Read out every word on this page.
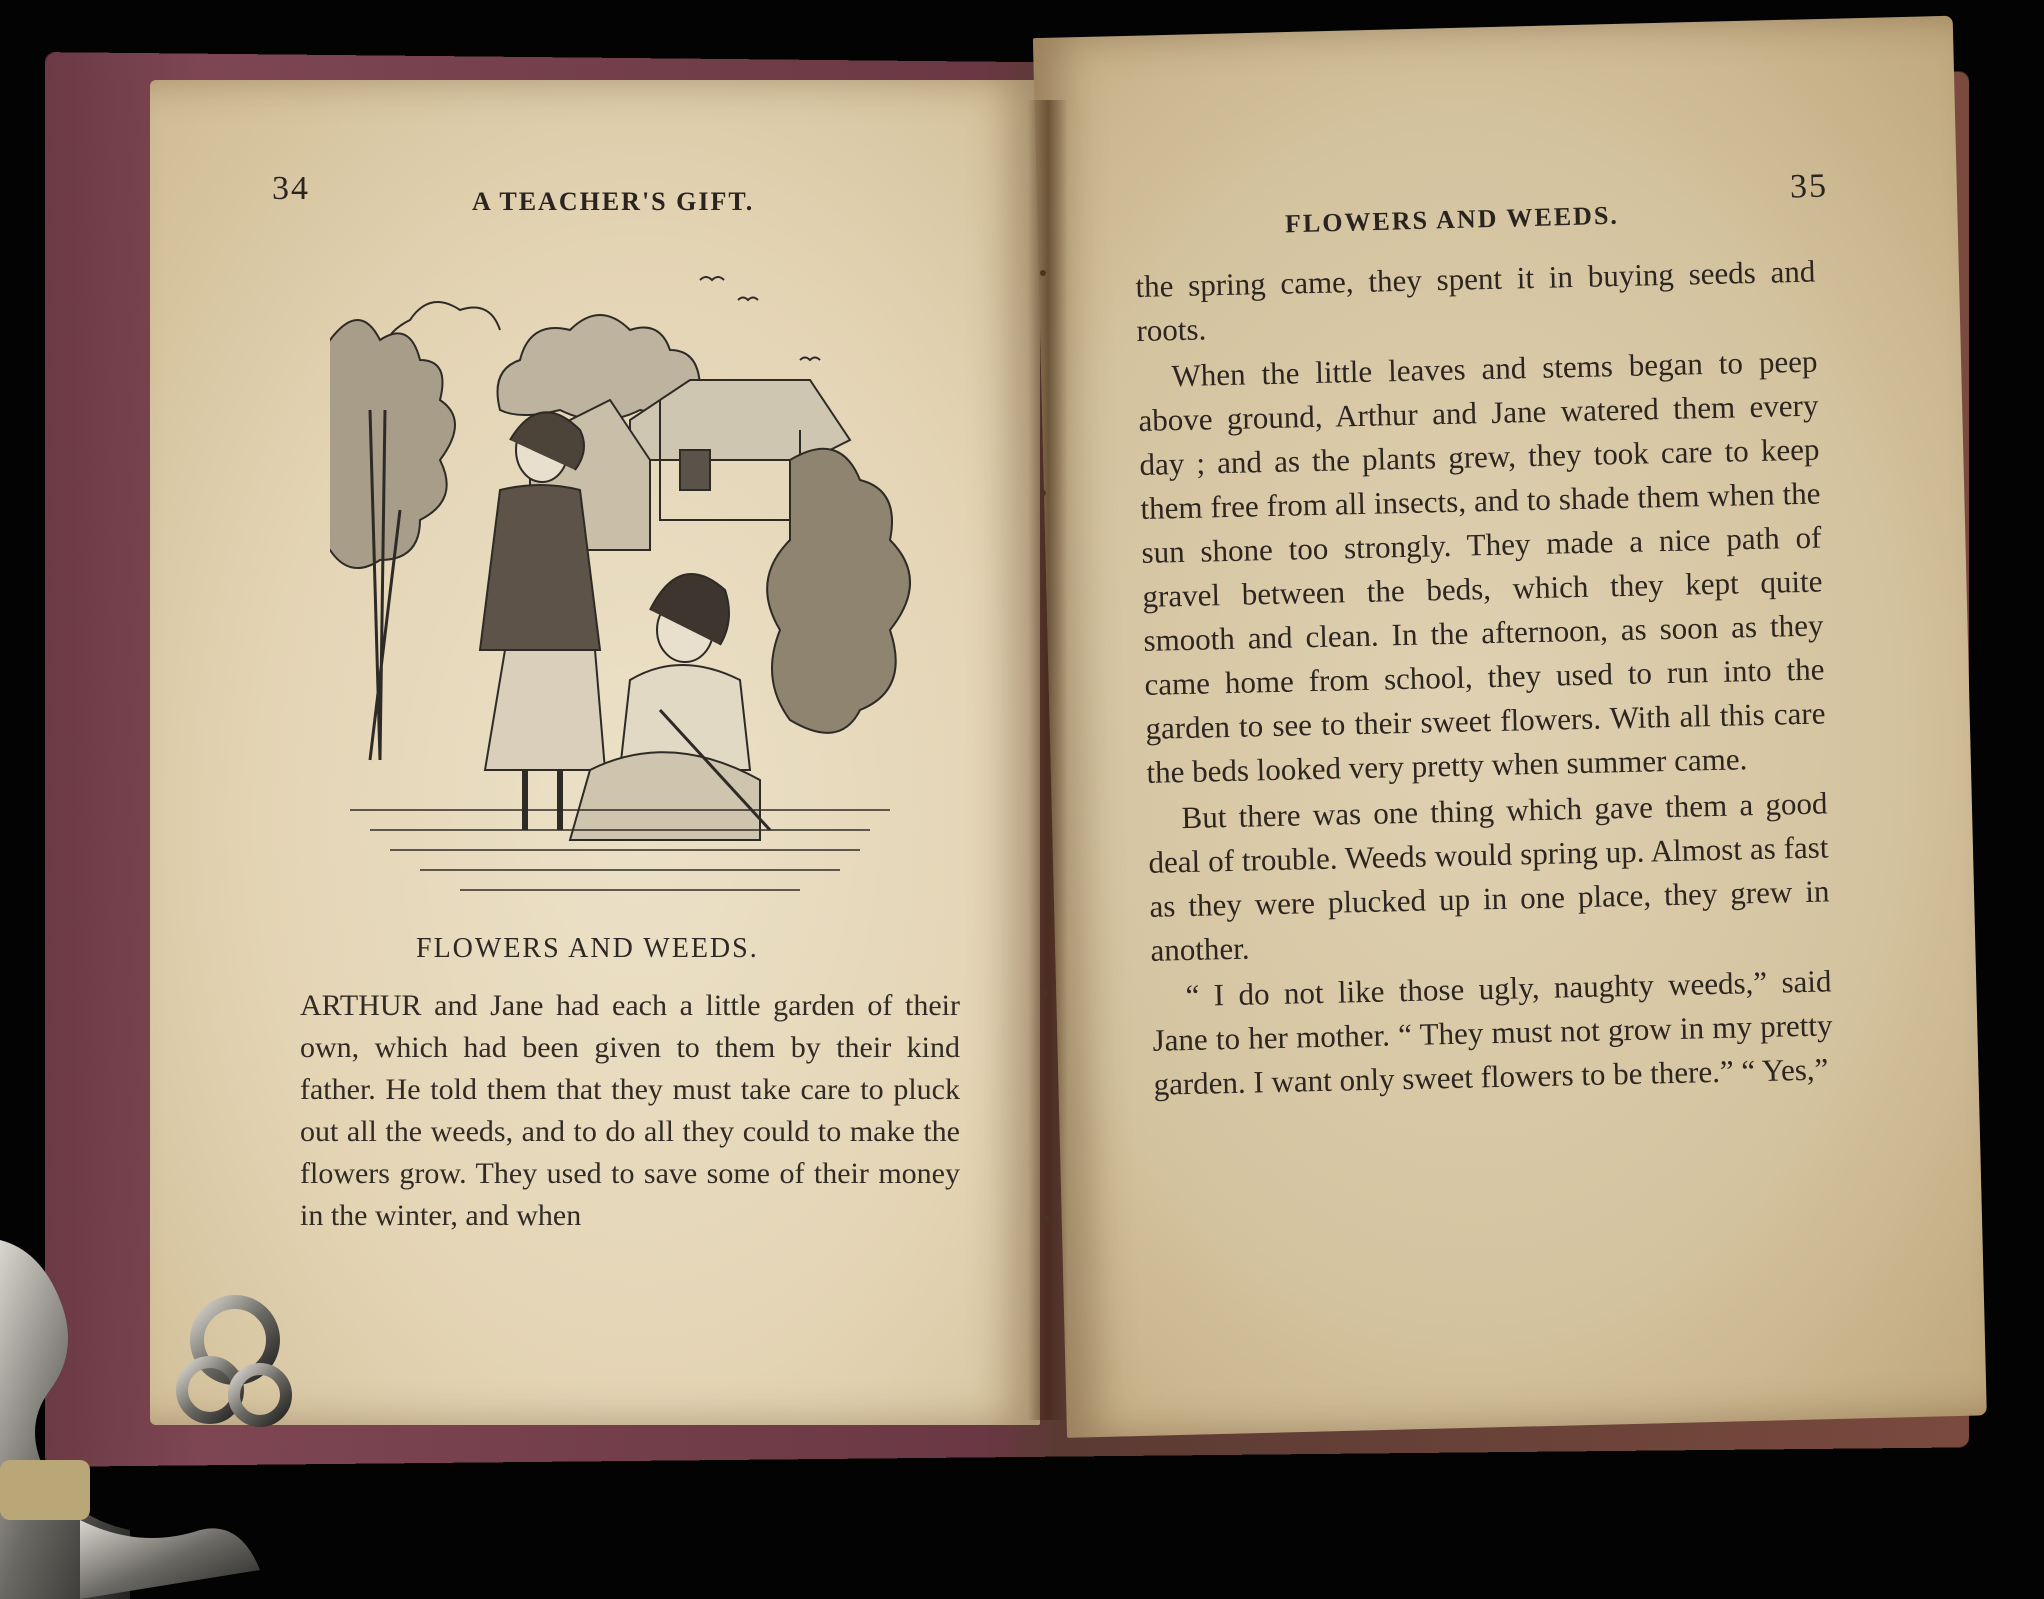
34	A TEACHER'S GIFT.
FLOWERS AND WEEDS.

ARTHUR and Jane had each a little garden of their own, which had been given to them by their kind father. He told them that they must take care to pluck out all the weeds, and to do all they could to make the flowers grow. They used to save some of their money in the winter, and when

FLOWERS AND WEEDS.
35

the spring came, they spent it in buying seeds and roots.

When the little leaves and stems began to peep above ground, Arthur and Jane watered them every day ; and as the plants grew, they took care to keep them free from all insects, and to shade them when the sun shone too strongly. They made a nice path of gravel between the beds, which they kept quite smooth and clean. In the afternoon, as soon as they came home from school, they used to run into the garden to see to their sweet flowers. With all this care the beds looked very pretty when summer came.

But there was one thing which gave them a good deal of trouble. Weeds would spring up. Almost as fast as they were plucked up in one place, they grew in another.

“ I do not like those ugly, naughty weeds,” said Jane to her mother. “ They must not grow in my pretty garden. I want only sweet flowers to be there.” “ Yes,”
